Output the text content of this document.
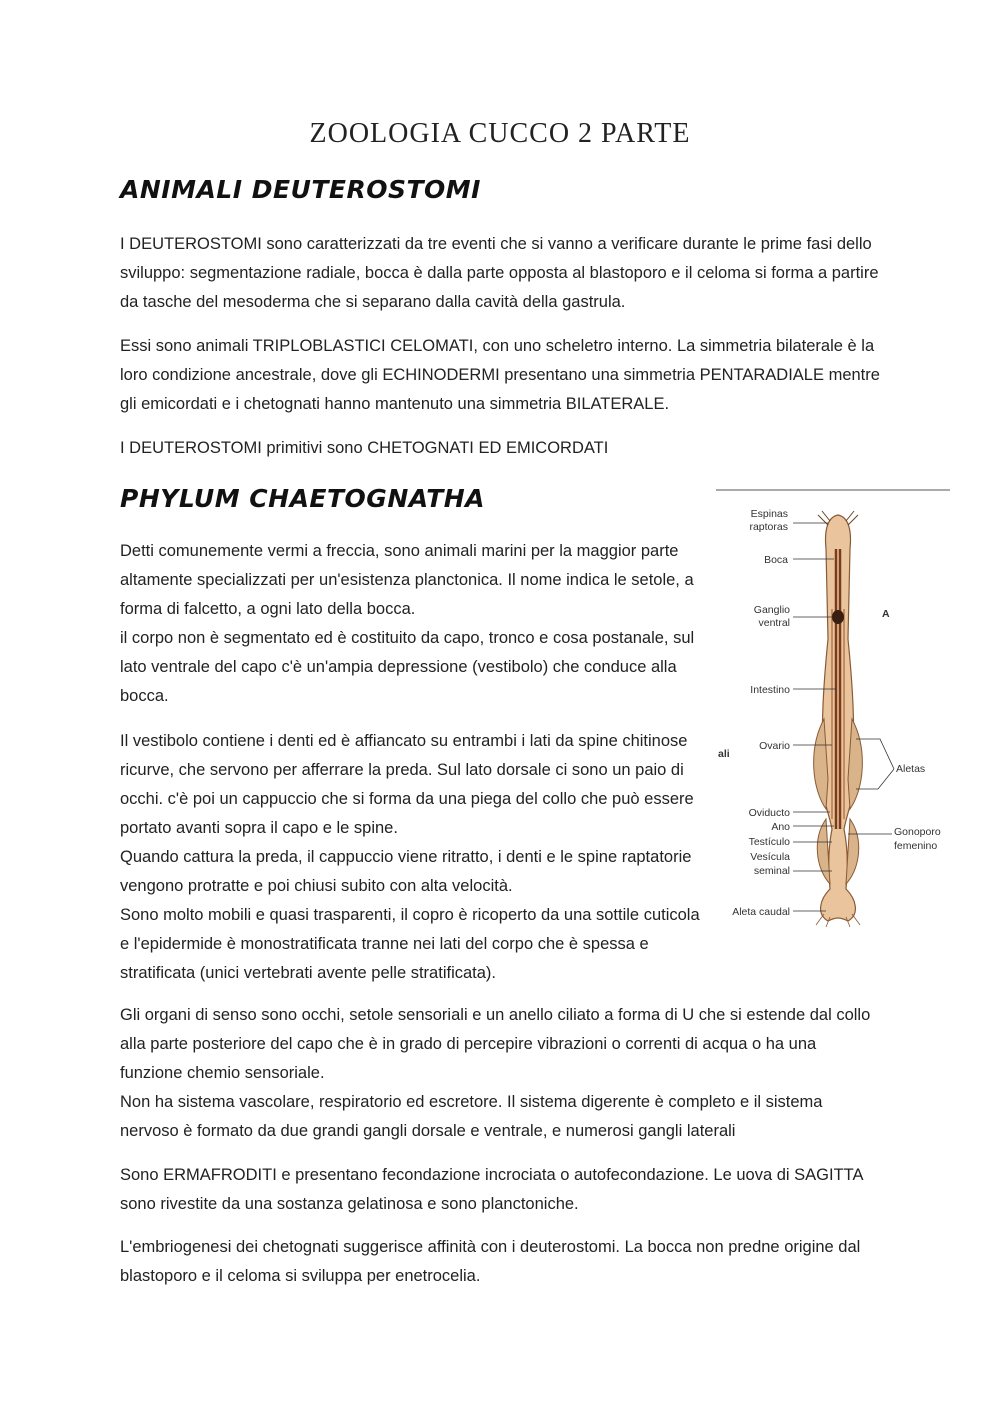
ZOOLOGIA CUCCO 2 PARTE
ANIMALI DEUTEROSTOMI

I DEUTEROSTOMI sono caratterizzati da tre eventi che si vanno a verificare durante le prime fasi dello sviluppo: segmentazione radiale, bocca è dalla parte opposta al blastoporo e il celoma si forma a partire da tasche del mesoderma che si separano dalla cavità della gastrula.

Essi sono animali TRIPLOBLASTICI CELOMATI, con uno scheletro interno. La simmetria bilaterale è la loro condizione ancestrale, dove gli ECHINODERMI presentano una simmetria PENTARADIALE mentre gli emicordati e i chetognati hanno mantenuto una simmetria BILATERALE.

I DEUTEROSTOMI primitivi sono CHETOGNATI ED EMICORDATI

PHYLUM CHAETOGNATHA

Detti comunemente vermi a freccia, sono animali marini per la maggior parte altamente specializzati per un'esistenza planctonica. Il nome indica le setole, a forma di falcetto, a ogni lato della bocca.
il corpo non è segmentato ed è costituito da capo, tronco e cosa postanale, sul lato ventrale del capo c'è un'ampia depressione (vestibolo) che conduce alla bocca.

Il vestibolo contiene i denti ed è affiancato su entrambi i lati da spine chitinose ricurve, che servono per afferrare la preda. Sul lato dorsale ci sono un paio di occhi. c'è poi un cappuccio che si forma da una piega del collo che può essere portato avanti sopra il capo e le spine.
Quando cattura la preda, il cappuccio viene ritratto, i denti e le spine raptatorie vengono protratte e poi chiusi subito con alta velocità.
Sono molto mobili e quasi trasparenti, il copro è ricoperto da una sottile cuticola e l'epidermide è monostratificata tranne nei lati del corpo che è spessa e stratificata (unici vertebrati avente pelle stratificata).

Gli organi di senso sono occhi, setole sensoriali e un anello ciliato a forma di U che si estende dal collo alla parte posteriore del capo che è in grado di percepire vibrazioni o correnti di acqua o ha una funzione chemio sensoriale.
Non ha sistema vascolare, respiratorio ed escretore. Il sistema digerente è completo e il sistema nervoso è formato da due grandi gangli dorsale e ventrale, e numerosi gangli laterali

Sono ERMAFRODITI e presentano fecondazione incrociata o autofecondazione. Le uova di SAGITTA sono rivestite da una sostanza gelatinosa e sono planctoniche.

L'embriogenesi dei chetognati suggerisce affinità con i deuterostomi. La bocca non predne origine dal blastoporo e il celoma si sviluppa per enetrocelia.

Espinas
raptoras
Boca
Ganglio
ventral
Intestino
Ovario
ali
Oviducto
Ano
Testículo
Vesícula
seminal
Aleta caudal
Aletas
Gonoporo
femenino
A
